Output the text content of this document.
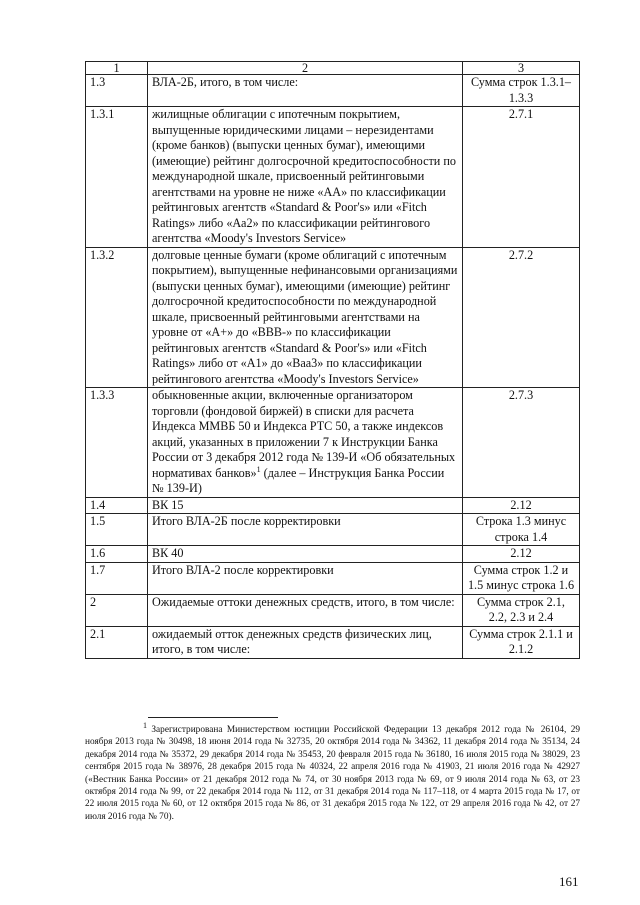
1	2	3
1.3	ВЛА-2Б, итого, в том числе:	Сумма строк 1.3.1–1.3.3
1.3.1	жилищные облигации с ипотечным покрытием, выпущенные юридическими лицами – нерезидентами (кроме банков) (выпуски ценных бумаг), имеющими (имеющие) рейтинг долгосрочной кредитоспособности по международной шкале, присвоенный рейтинговыми агентствами на уровне не ниже «АА» по классификации рейтинговых агентств «Standard & Poor's» или «Fitch Ratings» либо «Аа2» по классификации рейтингового агентства «Moody's Investors Service»	2.7.1
1.3.2	долговые ценные бумаги (кроме облигаций с ипотечным покрытием), выпущенные нефинансовыми организациями (выпуски ценных бумаг), имеющими (имеющие) рейтинг долгосрочной кредитоспособности по международной шкале, присвоенный рейтинговыми агентствами на уровне от «А+» до «ВВВ-» по классификации рейтинговых агентств «Standard & Poor's» или «Fitch Ratings» либо от «А1» до «Ваа3» по классификации рейтингового агентства «Moody's Investors Service»	2.7.2
1.3.3	обыкновенные акции, включенные организатором торговли (фондовой биржей) в списки для расчета Индекса ММВБ 50 и Индекса РТС 50, а также индексов акций, указанных в приложении 7 к Инструкции Банка России от 3 декабря 2012 года № 139-И «Об обязательных нормативах банков»$^1$ (далее – Инструкция Банка России № 139-И)	2.7.3
1.4	ВК 15	2.12
1.5	Итого ВЛА-2Б после корректировки	Строка 1.3 минус строка 1.4
1.6	ВК 40	2.12
1.7	Итого ВЛА-2 после корректировки	Сумма строк 1.2 и 1.5 минус строка 1.6
2	Ожидаемые оттоки денежных средств, итого, в том числе:	Сумма строк 2.1, 2.2, 2.3 и 2.4
2.1	ожидаемый отток денежных средств физических лиц, итого, в том числе:	Сумма строк 2.1.1 и 2.1.2
$^1$ Зарегистрирована Министерством юстиции Российской Федерации 13 декабря 2012 года № 26104, 29 ноября 2013 года № 30498, 18 июня 2014 года № 32735, 20 октября 2014 года № 34362, 11 декабря 2014 года № 35134, 24 декабря 2014 года № 35372, 29 декабря 2014 года № 35453, 20 февраля 2015 года № 36180, 16 июля 2015 года № 38029, 23 сентября 2015 года № 38976, 28 декабря 2015 года № 40324, 22 апреля 2016 года № 41903, 21 июля 2016 года № 42927 («Вестник Банка России» от 21 декабря 2012 года № 74, от 30 ноября 2013 года № 69, от 9 июля 2014 года № 63, от 23 октября 2014 года № 99, от 22 декабря 2014 года № 112, от 31 декабря 2014 года № 117–118, от 4 марта 2015 года № 17, от 22 июля 2015 года № 60, от 12 октября 2015 года № 86, от 31 декабря 2015 года № 122, от 29 апреля 2016 года № 42, от 27 июля 2016 года № 70).
161
